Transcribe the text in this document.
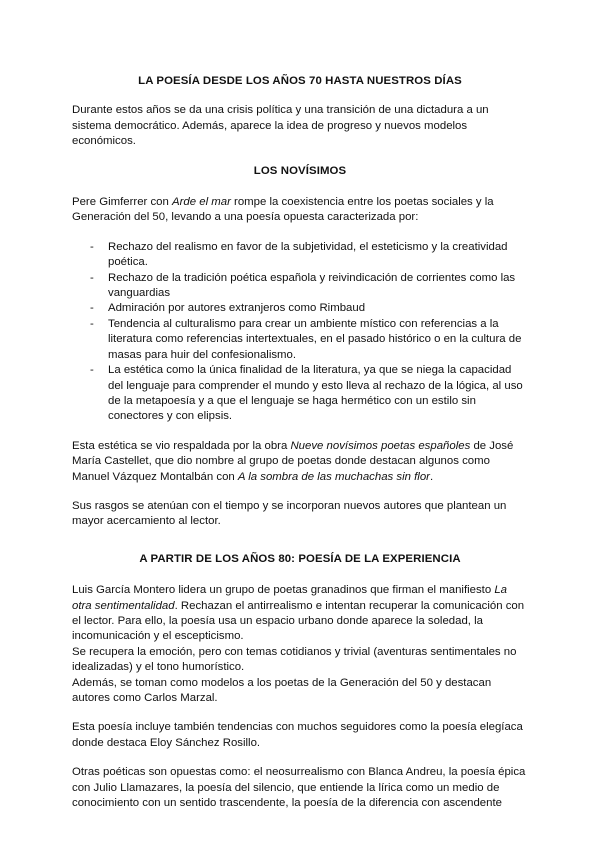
LA POESÍA DESDE LOS AÑOS 70 HASTA NUESTROS DÍAS

Durante estos años se da una crisis política y una transición de una dictadura a un sistema democrático. Además, aparece la idea de progreso y nuevos modelos económicos.

LOS NOVÍSIMOS

Pere Gimferrer con Arde el mar rompe la coexistencia entre los poetas sociales y la Generación del 50, levando a una poesía opuesta caracterizada por:

- Rechazo del realismo en favor de la subjetividad, el esteticismo y la creatividad poética.
- Rechazo de la tradición poética española y reivindicación de corrientes como las vanguardias
- Admiración por autores extranjeros como Rimbaud
- Tendencia al culturalismo para crear un ambiente místico con referencias a la literatura como referencias intertextuales, en el pasado histórico o en la cultura de masas para huir del confesionalismo.
- La estética como la única finalidad de la literatura, ya que se niega la capacidad del lenguaje para comprender el mundo y esto lleva al rechazo de la lógica, al uso de la metapoesía y a que el lenguaje se haga hermético con un estilo sin conectores y con elipsis.

Esta estética se vio respaldada por la obra Nueve novísimos poetas españoles de José María Castellet, que dio nombre al grupo de poetas donde destacan algunos como Manuel Vázquez Montalbán con A la sombra de las muchachas sin flor.

Sus rasgos se atenúan con el tiempo y se incorporan nuevos autores que plantean un mayor acercamiento al lector.

A PARTIR DE LOS AÑOS 80: POESÍA DE LA EXPERIENCIA

Luis García Montero lidera un grupo de poetas granadinos que firman el manifiesto La otra sentimentalidad. Rechazan el antirrealismo e intentan recuperar la comunicación con el lector. Para ello, la poesía usa un espacio urbano donde aparece la soledad, la incomunicación y el escepticismo.
Se recupera la emoción, pero con temas cotidianos y trivial (aventuras sentimentales no idealizadas) y el tono humorístico.
Además, se toman como modelos a los poetas de la Generación del 50 y destacan autores como Carlos Marzal.

Esta poesía incluye también tendencias con muchos seguidores como la poesía elegíaca donde destaca Eloy Sánchez Rosillo.

Otras poéticas son opuestas como: el neosurrealismo con Blanca Andreu, la poesía épica con Julio Llamazares, la poesía del silencio, que entiende la lírica como un medio de conocimiento con un sentido trascendente, la poesía de la diferencia con ascendente
